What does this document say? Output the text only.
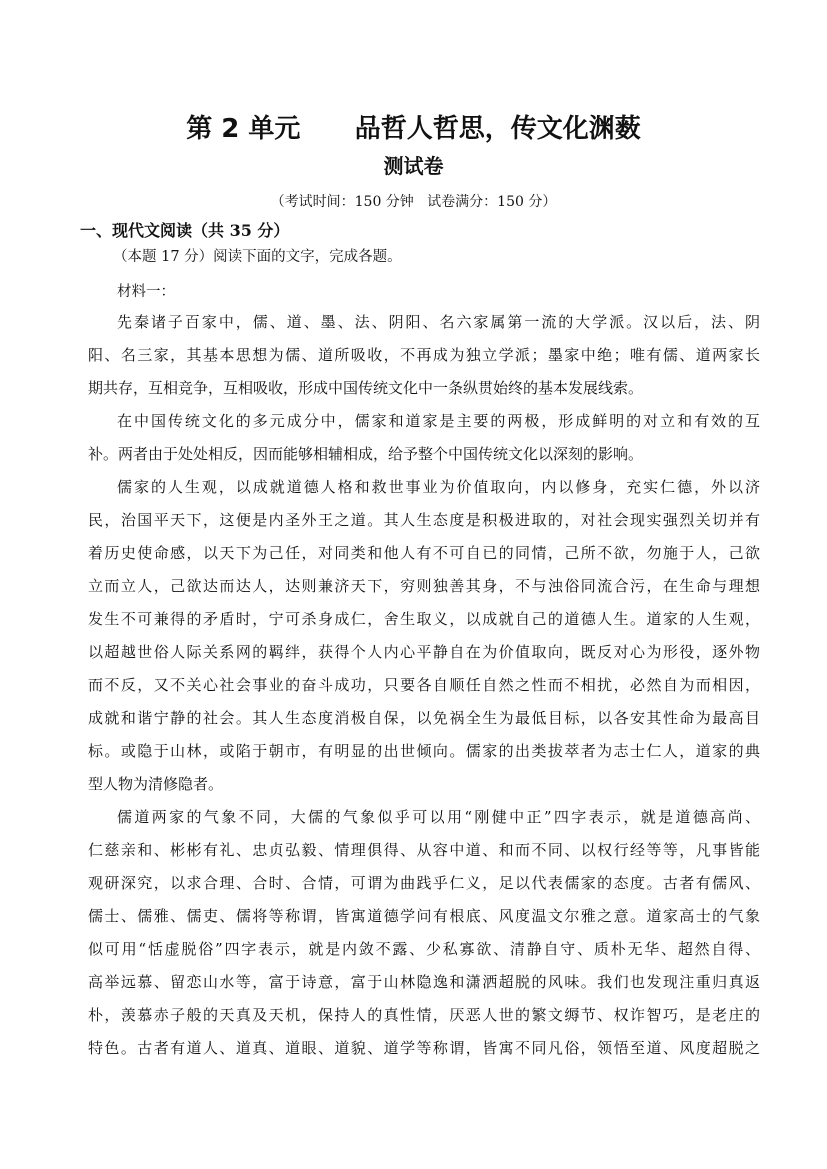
第 2 单元      品哲人哲思，传文化渊薮
测试卷
（考试时间：150 分钟   试卷满分：150 分）
一、现代文阅读（共 35 分）
（本题 17 分）阅读下面的文字，完成各题。
材料一：
先秦诸子百家中，儒、道、墨、法、阴阳、名六家属第一流的大学派。汉以后，法、阴
阳、名三家，其基本思想为儒、道所吸收，不再成为独立学派；墨家中绝；唯有儒、道两家长
期共存，互相竞争，互相吸收，形成中国传统文化中一条纵贯始终的基本发展线索。
在中国传统文化的多元成分中，儒家和道家是主要的两极，形成鲜明的对立和有效的互
补。两者由于处处相反，因而能够相辅相成，给予整个中国传统文化以深刻的影响。
儒家的人生观，以成就道德人格和救世事业为价值取向，内以修身，充实仁德，外以济
民，治国平天下，这便是内圣外王之道。其人生态度是积极进取的，对社会现实强烈关切并有
着历史使命感，以天下为己任，对同类和他人有不可自已的同情，己所不欲，勿施于人，己欲
立而立人，己欲达而达人，达则兼济天下，穷则独善其身，不与浊俗同流合污，在生命与理想
发生不可兼得的矛盾时，宁可杀身成仁，舍生取义，以成就自己的道德人生。道家的人生观，
以超越世俗人际关系网的羁绊，获得个人内心平静自在为价值取向，既反对心为形役，逐外物
而不反，又不关心社会事业的奋斗成功，只要各自顺任自然之性而不相扰，必然自为而相因，
成就和谐宁静的社会。其人生态度消极自保，以免祸全生为最低目标，以各安其性命为最高目
标。或隐于山林，或陷于朝市，有明显的出世倾向。儒家的出类拔萃者为志士仁人，道家的典
型人物为清修隐者。
儒道两家的气象不同，大儒的气象似乎可以用“刚健中正”四字表示，就是道德高尚、
仁慈亲和、彬彬有礼、忠贞弘毅、情理俱得、从容中道、和而不同、以权行经等等，凡事皆能
观研深究，以求合理、合时、合情，可谓为曲践乎仁义，足以代表儒家的态度。古者有儒风、
儒士、儒雅、儒吏、儒将等称谓，皆寓道德学问有根底、风度温文尔雅之意。道家高士的气象
似可用“恬虚脱俗”四字表示，就是内敛不露、少私寡欲、清静自守、质朴无华、超然自得、
高举远慕、留恋山水等，富于诗意，富于山林隐逸和潇洒超脱的风味。我们也发现注重归真返
朴，羡慕赤子般的天真及天机，保持人的真性情，厌恶人世的繁文缛节、权诈智巧，是老庄的
特色。古者有道人、道真、道眼、道貌、道学等称谓，皆寓不同凡俗，领悟至道、风度超脱之
